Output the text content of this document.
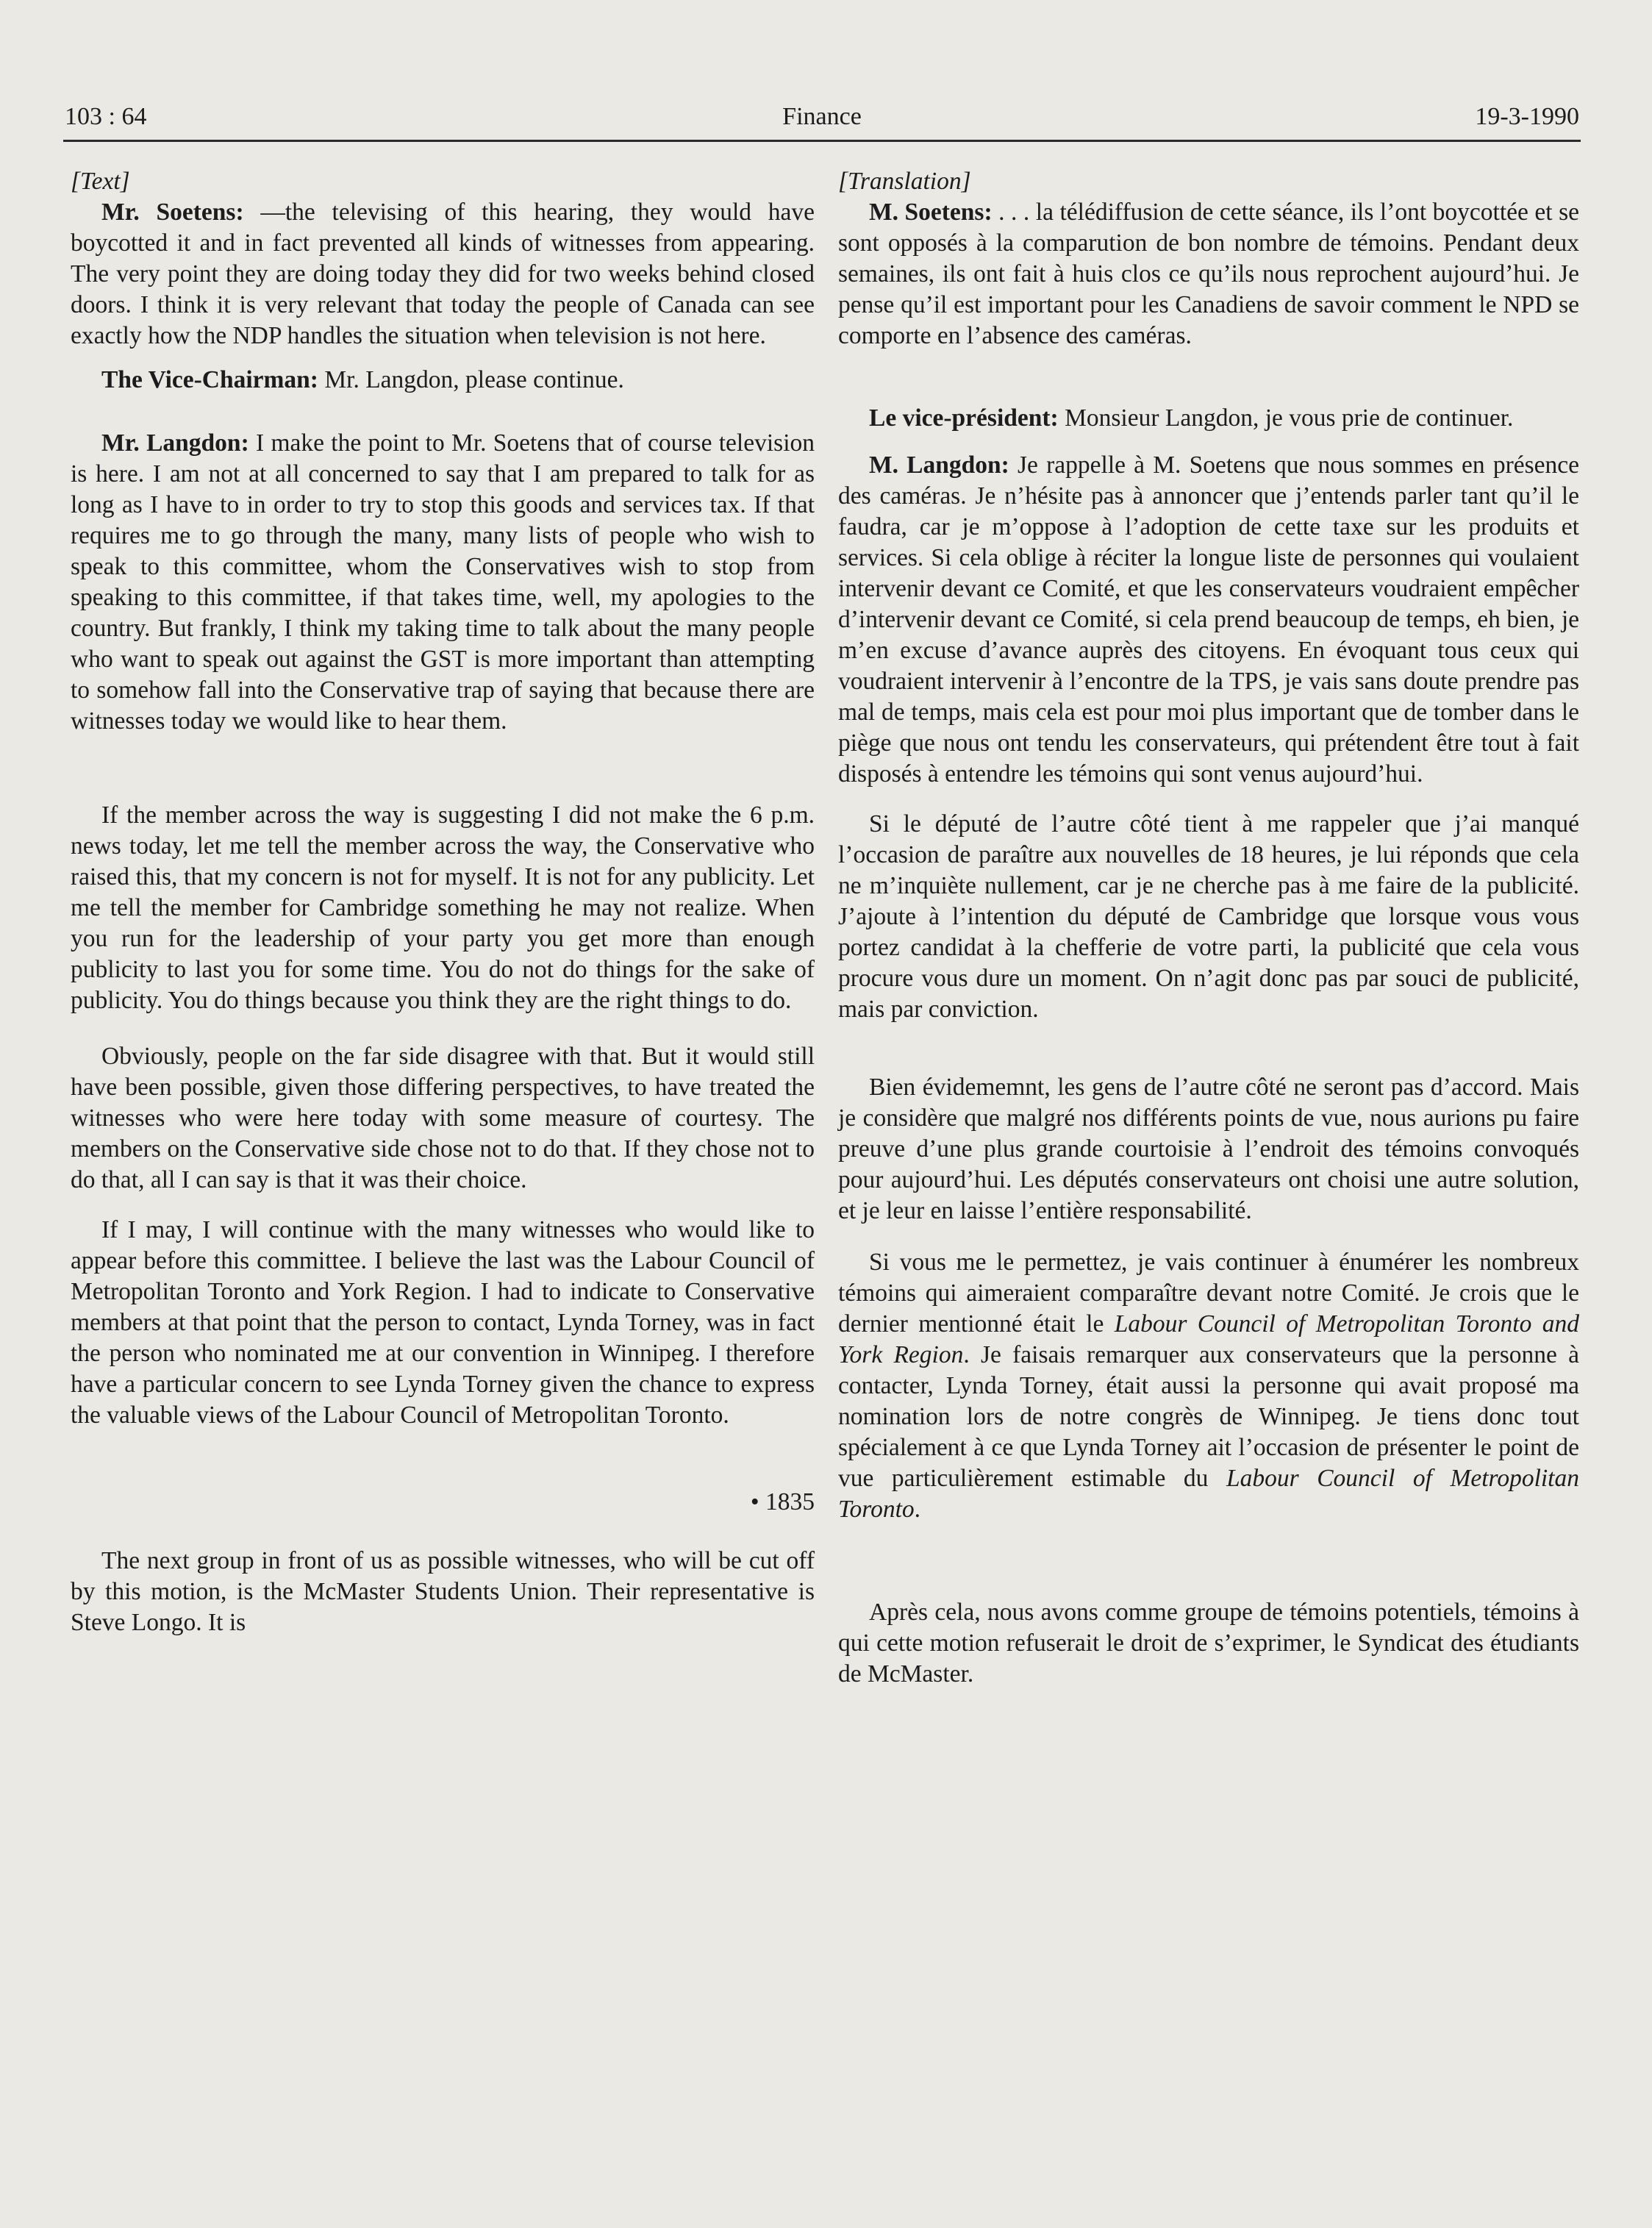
103 : 64	Finance	19-3-1990

[Text]

Mr. Soetens: —the televising of this hearing, they would have boycotted it and in fact prevented all kinds of witnesses from appearing. The very point they are doing today they did for two weeks behind closed doors. I think it is very relevant that today the people of Canada can see exactly how the NDP handles the situation when television is not here.

The Vice-Chairman: Mr. Langdon, please continue.

Mr. Langdon: I make the point to Mr. Soetens that of course television is here. I am not at all concerned to say that I am prepared to talk for as long as I have to in order to try to stop this goods and services tax. If that requires me to go through the many, many lists of people who wish to speak to this committee, whom the Conservatives wish to stop from speaking to this committee, if that takes time, well, my apologies to the country. But frankly, I think my taking time to talk about the many people who want to speak out against the GST is more important than attempting to somehow fall into the Conservative trap of saying that because there are witnesses today we would like to hear them.

If the member across the way is suggesting I did not make the 6 p.m. news today, let me tell the member across the way, the Conservative who raised this, that my concern is not for myself. It is not for any publicity. Let me tell the member for Cambridge something he may not realize. When you run for the leadership of your party you get more than enough publicity to last you for some time. You do not do things for the sake of publicity. You do things because you think they are the right things to do.

Obviously, people on the far side disagree with that. But it would still have been possible, given those differing perspectives, to have treated the witnesses who were here today with some measure of courtesy. The members on the Conservative side chose not to do that. If they chose not to do that, all I can say is that it was their choice.

If I may, I will continue with the many witnesses who would like to appear before this committee. I believe the last was the Labour Council of Metropolitan Toronto and York Region. I had to indicate to Conservative members at that point that the person to contact, Lynda Torney, was in fact the person who nominated me at our convention in Winnipeg. I therefore have a particular concern to see Lynda Torney given the chance to express the valuable views of the Labour Council of Metropolitan Toronto.

• 1835

The next group in front of us as possible witnesses, who will be cut off by this motion, is the McMaster Students Union. Their representative is Steve Longo. It is

[Translation]

M. Soetens: . . . la télédiffusion de cette séance, ils l’ont boycottée et se sont opposés à la comparution de bon nombre de témoins. Pendant deux semaines, ils ont fait à huis clos ce qu’ils nous reprochent aujourd’hui. Je pense qu’il est important pour les Canadiens de savoir comment le NPD se comporte en l’absence des caméras.

Le vice-président: Monsieur Langdon, je vous prie de continuer.

M. Langdon: Je rappelle à M. Soetens que nous sommes en présence des caméras. Je n’hésite pas à annoncer que j’entends parler tant qu’il le faudra, car je m’oppose à l’adoption de cette taxe sur les produits et services. Si cela oblige à réciter la longue liste de personnes qui voulaient intervenir devant ce Comité, et que les conservateurs voudraient empêcher d’intervenir devant ce Comité, si cela prend beaucoup de temps, eh bien, je m’en excuse d’avance auprès des citoyens. En évoquant tous ceux qui voudraient intervenir à l’encontre de la TPS, je vais sans doute prendre pas mal de temps, mais cela est pour moi plus important que de tomber dans le piège que nous ont tendu les conservateurs, qui prétendent être tout à fait disposés à entendre les témoins qui sont venus aujourd’hui.

Si le député de l’autre côté tient à me rappeler que j’ai manqué l’occasion de paraître aux nouvelles de 18 heures, je lui réponds que cela ne m’inquiète nullement, car je ne cherche pas à me faire de la publicité. J’ajoute à l’intention du député de Cambridge que lorsque vous vous portez candidat à la chefferie de votre parti, la publicité que cela vous procure vous dure un moment. On n’agit donc pas par souci de publicité, mais par conviction.

Bien évidememnt, les gens de l’autre côté ne seront pas d’accord. Mais je considère que malgré nos différents points de vue, nous aurions pu faire preuve d’une plus grande courtoisie à l’endroit des témoins convoqués pour aujourd’hui. Les députés conservateurs ont choisi une autre solution, et je leur en laisse l’entière responsabilité.

Si vous me le permettez, je vais continuer à énumérer les nombreux témoins qui aimeraient comparaître devant notre Comité. Je crois que le dernier mentionné était le Labour Council of Metropolitan Toronto and York Region. Je faisais remarquer aux conservateurs que la personne à contacter, Lynda Torney, était aussi la personne qui avait proposé ma nomination lors de notre congrès de Winnipeg. Je tiens donc tout spécialement à ce que Lynda Torney ait l’occasion de présenter le point de vue particulièrement estimable du Labour Council of Metropolitan Toronto.

Après cela, nous avons comme groupe de témoins potentiels, témoins à qui cette motion refuserait le droit de s’exprimer, le Syndicat des étudiants de McMaster.
